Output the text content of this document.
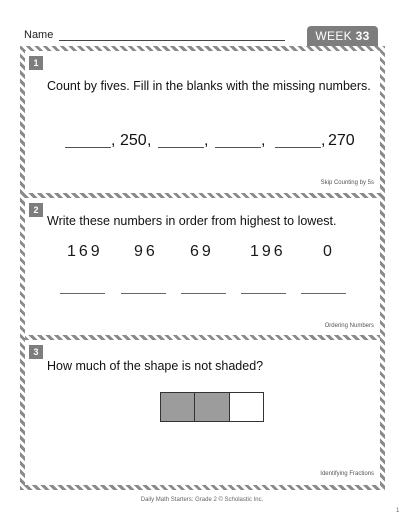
Name	WEEK 33
1
Count by fives. Fill in the blanks with the missing numbers.
, 250 ,	,	,	, 270
Skip Counting by 5s
2
Write these numbers in order from highest to lowest.
169 96 69 196 0
Ordering Numbers
3
How much of the shape is not shaded?
Identifying Fractions
Daily Math Starters: Grade 2 © Scholastic Inc.
1
